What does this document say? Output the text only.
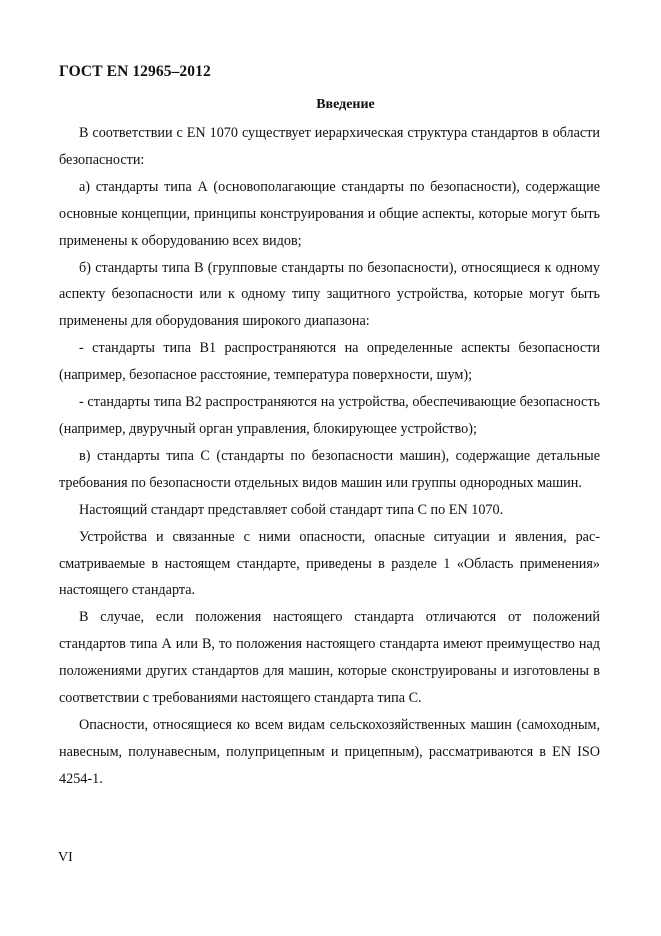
ГОСТ EN 12965–2012
Введение

В соответствии с EN 1070 существует иерархическая структура стандартов в области безопасности:

а) стандарты типа А (основополагающие стандарты по безопасности), содержащие основные концепции, принципы конструирования и общие аспекты, которые могут быть применены к оборудованию всех видов;

б) стандарты типа В (групповые стандарты по безопасности), относящиеся к одному аспекту безопасности или к одному типу защитного устройства, которые могут быть применены для оборудования широкого диапазона:

- стандарты типа В1 распространяются на определенные аспекты безопасности (например, безопасное расстояние, температура поверхности, шум);

- стандарты типа В2 распространяются на устройства, обеспечивающие безопасность (например, двуручный орган управления, блокирующее устройство);

в) стандарты типа С (стандарты по безопасности машин), содержащие детальные требования по безопасности отдельных видов машин или группы однородных машин.

Настоящий стандарт представляет собой стандарт типа С по EN 1070.

Устройства и связанные с ними опасности, опасные ситуации и явления, рассматриваемые в настоящем стандарте, приведены в разделе 1 «Область применения» настоящего стандарта.

В случае, если положения настоящего стандарта отличаются от положений стандартов типа А или В, то положения настоящего стандарта имеют преимущество над положениями других стандартов для машин, которые сконструированы и изготовлены в соответствии с требованиями настоящего стандарта типа С.

Опасности, относящиеся ко всем видам сельскохозяйственных машин (самоходным, навесным, полунавесным, полуприцепным и прицепным), рассматриваются в EN ISO 4254-1.

VI
